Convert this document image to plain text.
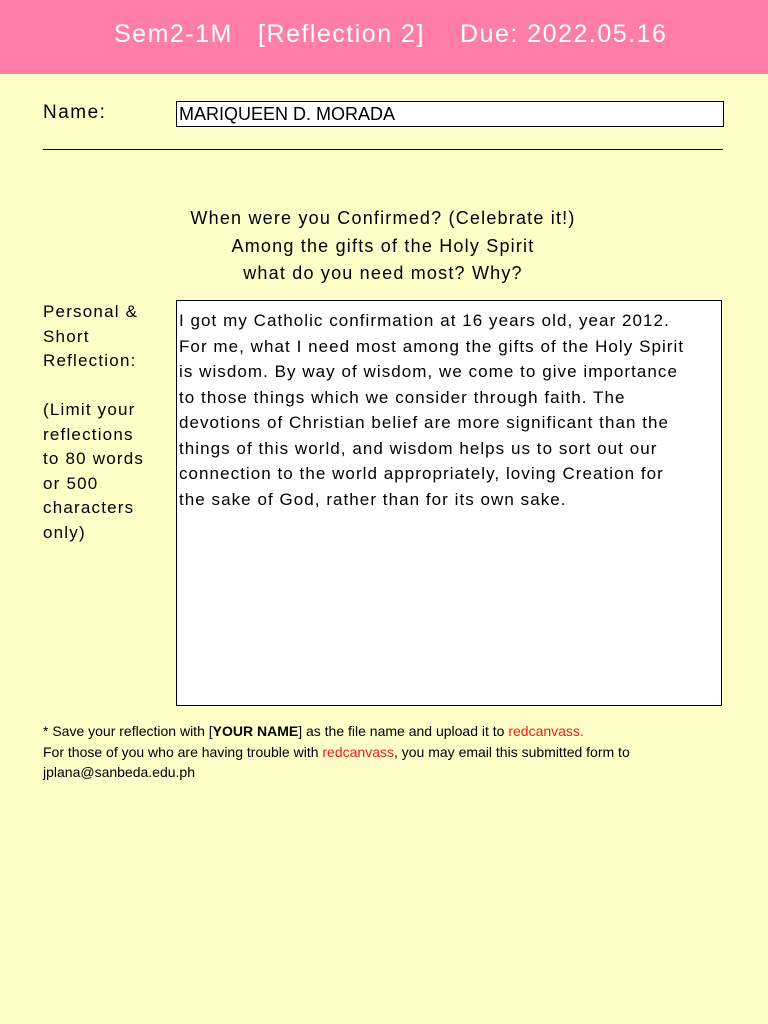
Sem2-1M [Reflection 2] Due: 2022.05.16
Name:	MARIQUEEN D. MORADA
When were you Confirmed? (Celebrate it!)
Among the gifts of the Holy Spirit
what do you need most? Why?
Personal &
Short
Reflection:
(Limit your
reflections
to 80 words
or 500
characters
only)
I got my Catholic confirmation at 16 years old, year 2012.
For me, what I need most among the gifts of the Holy Spirit
is wisdom. By way of wisdom, we come to give importance
to those things which we consider through faith. The
devotions of Christian belief are more significant than the
things of this world, and wisdom helps us to sort out our
connection to the world appropriately, loving Creation for
the sake of God, rather than for its own sake.
* Save your reflection with [YOUR NAME] as the file name and upload it to redcanvass.
For those of you who are having trouble with redcanvass, you may email this submitted form to
jplana@sanbeda.edu.ph
